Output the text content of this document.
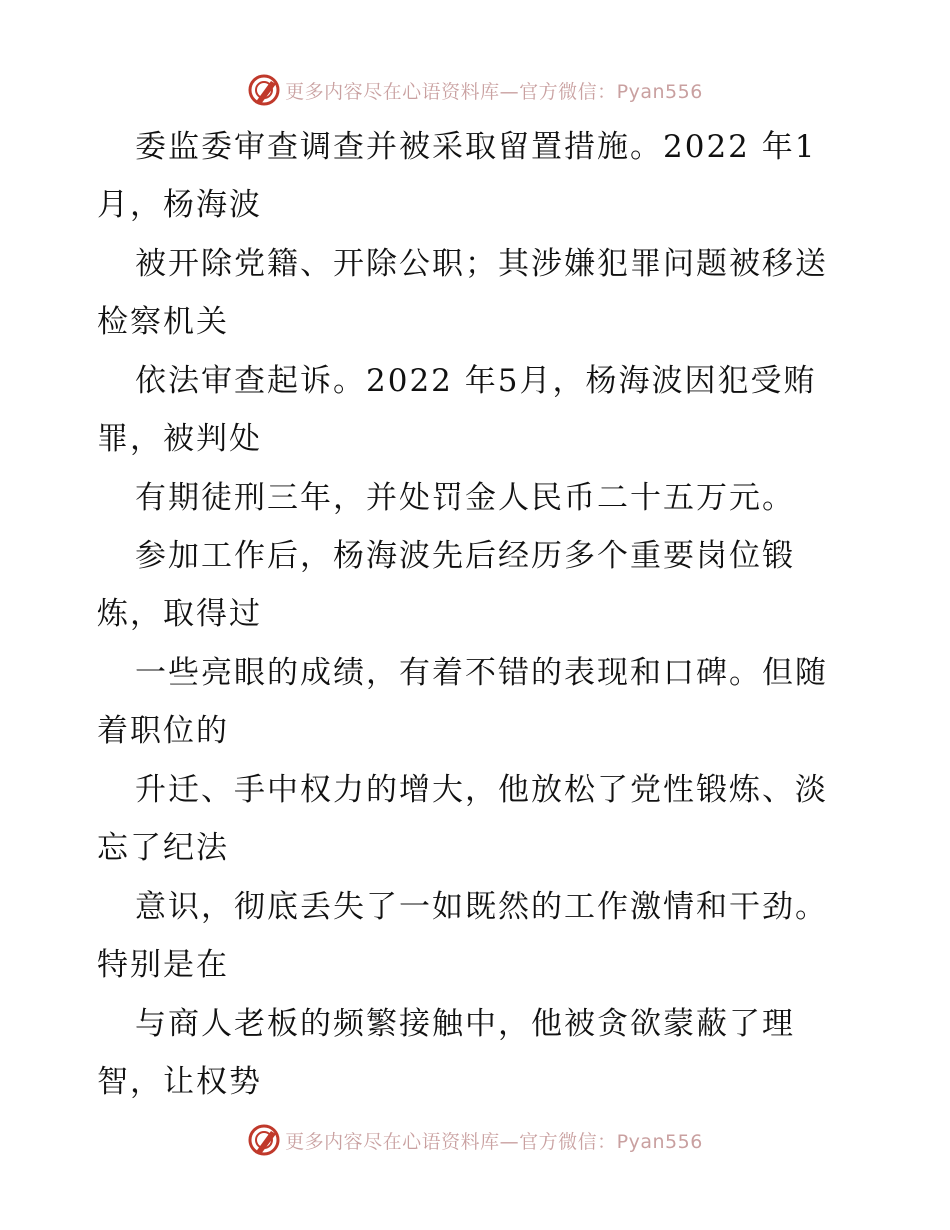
更多内容尽在心语资料库—官方微信：Pyan556
委监委审查调查并被采取留置措施。2022 年1
月，杨海波
被开除党籍、开除公职；其涉嫌犯罪问题被移送
检察机关
依法审查起诉。2022 年5月，杨海波因犯受贿
罪，被判处
有期徒刑三年，并处罚金人民币二十五万元。
参加工作后，杨海波先后经历多个重要岗位锻
炼，取得过
一些亮眼的成绩，有着不错的表现和口碑。但随
着职位的
升迁、手中权力的增大，他放松了党性锻炼、淡
忘了纪法
意识，彻底丢失了一如既然的工作激情和干劲。
特别是在
与商人老板的频繁接触中，他被贪欲蒙蔽了理
智，让权势
更多内容尽在心语资料库—官方微信：Pyan556
